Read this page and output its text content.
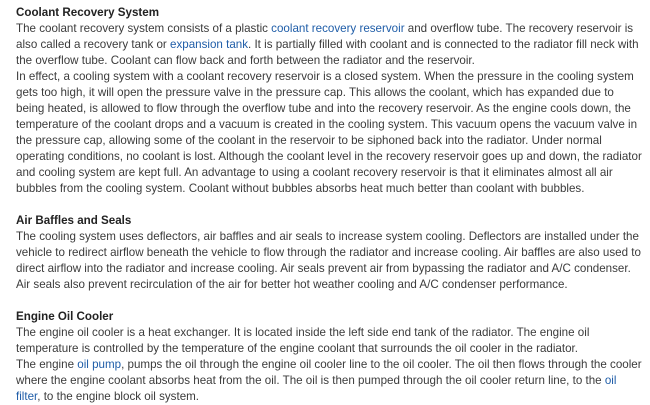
Coolant Recovery System

The coolant recovery system consists of a plastic coolant recovery reservoir and overflow tube. The recovery reservoir is also called a recovery tank or expansion tank. It is partially filled with coolant and is connected to the radiator fill neck with the overflow tube. Coolant can flow back and forth between the radiator and the reservoir.

In effect, a cooling system with a coolant recovery reservoir is a closed system. When the pressure in the cooling system gets too high, it will open the pressure valve in the pressure cap. This allows the coolant, which has expanded due to being heated, is allowed to flow through the overflow tube and into the recovery reservoir. As the engine cools down, the temperature of the coolant drops and a vacuum is created in the cooling system. This vacuum opens the vacuum valve in the pressure cap, allowing some of the coolant in the reservoir to be siphoned back into the radiator. Under normal operating conditions, no coolant is lost. Although the coolant level in the recovery reservoir goes up and down, the radiator and cooling system are kept full. An advantage to using a coolant recovery reservoir is that it eliminates almost all air bubbles from the cooling system. Coolant without bubbles absorbs heat much better than coolant with bubbles.

Air Baffles and Seals

The cooling system uses deflectors, air baffles and air seals to increase system cooling. Deflectors are installed under the vehicle to redirect airflow beneath the vehicle to flow through the radiator and increase cooling. Air baffles are also used to direct airflow into the radiator and increase cooling. Air seals prevent air from bypassing the radiator and A/C condenser. Air seals also prevent recirculation of the air for better hot weather cooling and A/C condenser performance.

Engine Oil Cooler

The engine oil cooler is a heat exchanger. It is located inside the left side end tank of the radiator. The engine oil temperature is controlled by the temperature of the engine coolant that surrounds the oil cooler in the radiator.

The engine oil pump, pumps the oil through the engine oil cooler line to the oil cooler. The oil then flows through the cooler where the engine coolant absorbs heat from the oil. The oil is then pumped through the oil cooler return line, to the oil filter, to the engine block oil system.
